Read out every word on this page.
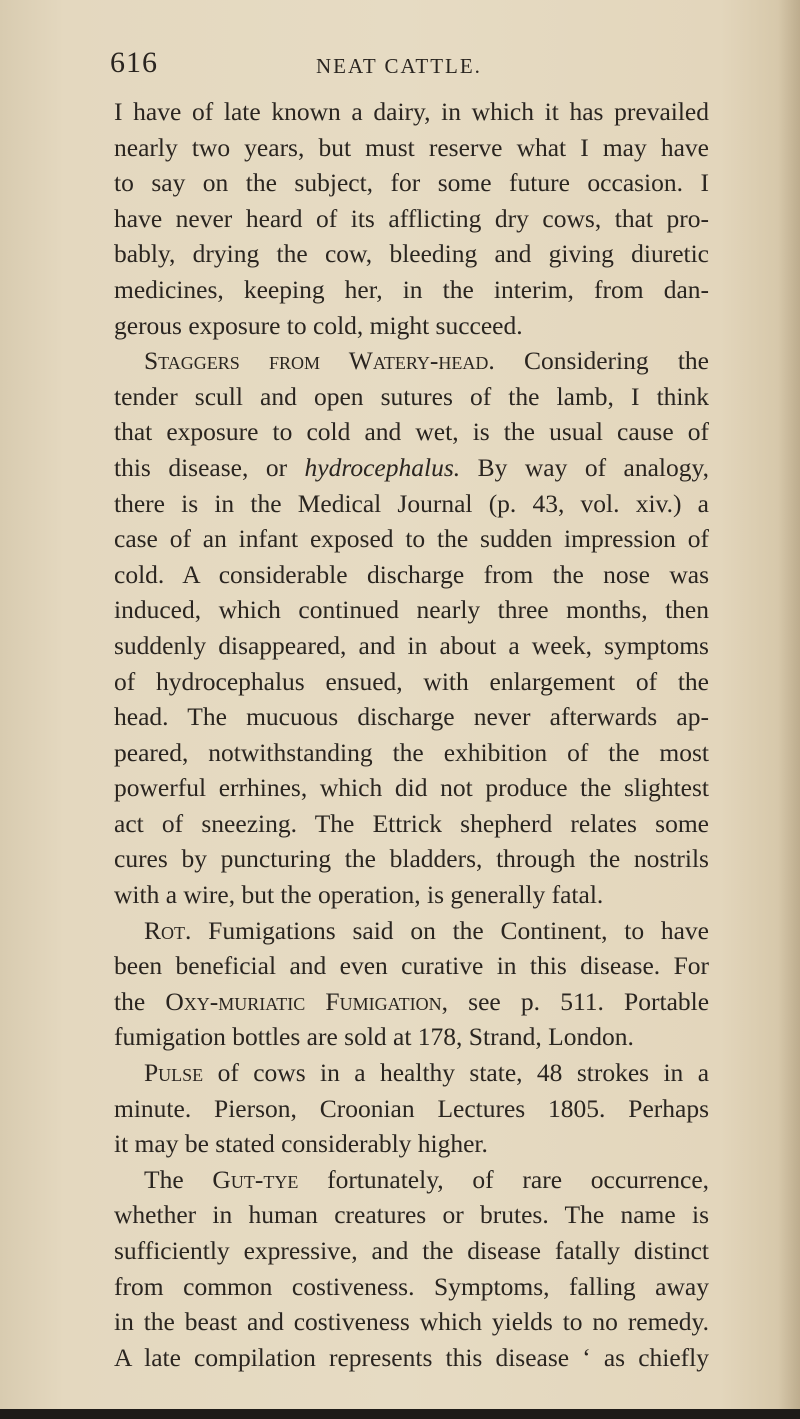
616	NEAT CATTLE.
I have of late known a dairy, in which it has prevailed
nearly two years, but must reserve what I may have
to say on the subject, for some future occasion. I
have never heard of its afflicting dry cows, that pro-
bably, drying the cow, bleeding and giving diuretic
medicines, keeping her, in the interim, from dan-
gerous exposure to cold, might succeed.
Staggers from Watery-head. Considering the
tender scull and open sutures of the lamb, I think
that exposure to cold and wet, is the usual cause of
this disease, or hydrocephalus. By way of analogy,
there is in the Medical Journal (p. 43, vol. xiv.) a
case of an infant exposed to the sudden impression of
cold. A considerable discharge from the nose was
induced, which continued nearly three months, then
suddenly disappeared, and in about a week, symptoms
of hydrocephalus ensued, with enlargement of the
head. The mucuous discharge never afterwards ap-
peared, notwithstanding the exhibition of the most
powerful errhines, which did not produce the slightest
act of sneezing. The Ettrick shepherd relates some
cures by puncturing the bladders, through the nostrils
with a wire, but the operation, is generally fatal.
Rot. Fumigations said on the Continent, to have
been beneficial and even curative in this disease. For
the Oxy-muriatic Fumigation, see p. 511. Portable
fumigation bottles are sold at 178, Strand, London.
Pulse of cows in a healthy state, 48 strokes in a
minute. Pierson, Croonian Lectures 1805. Perhaps
it may be stated considerably higher.
The Gut-tye fortunately, of rare occurrence,
whether in human creatures or brutes. The name is
sufficiently expressive, and the disease fatally distinct
from common costiveness. Symptoms, falling away
in the beast and costiveness which yields to no remedy.
A late compilation represents this disease ‘ as chiefly
